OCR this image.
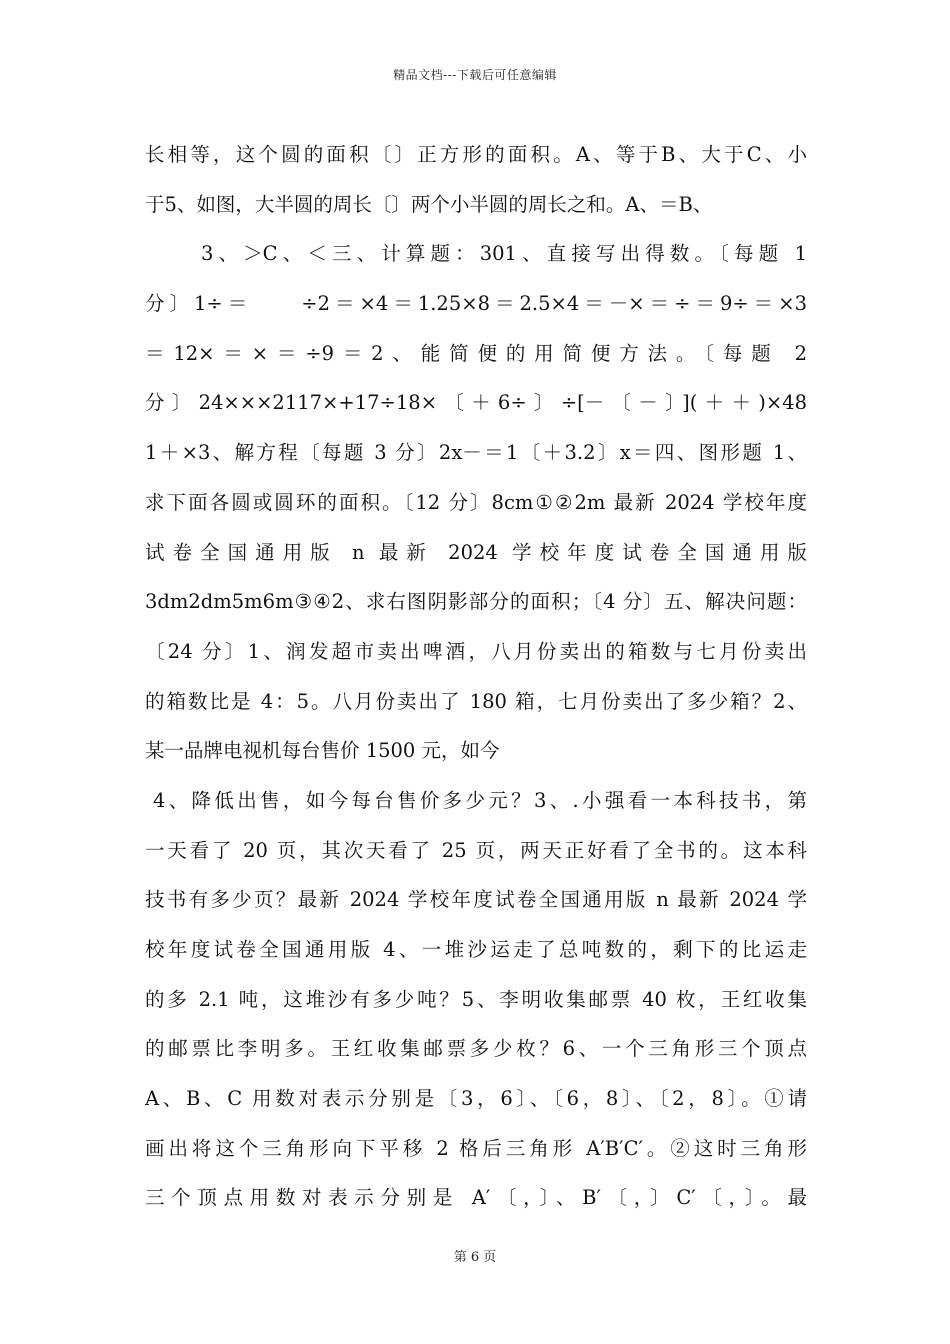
精品文档---下载后可任意编辑
长相等，这个圆的面积〔〕正方形的面积。A、等于B、大于C、小
于5、如图，大半圆的周长〔〕两个小半圆的周长之和。A、＝B、
3、＞C、＜三、计算题：301、直接写出得数。〔每题 1
分〕1÷＝　　÷2＝×4＝1.25×8＝2.5×4＝－×＝÷＝9÷＝×3
＝12×＝×＝÷9＝2、能简便的用简便方法。〔每题 2
分〕24×××2117×+17÷18×〔＋6÷〕÷[－〔－〕](＋＋)×48
1＋×3、解方程〔每题 3 分〕2x－＝1〔＋3.2〕x＝四、图形题 1、
求下面各圆或圆环的面积。〔12 分〕8cm①②2m 最新 2024 学校年度
试卷全国通用版 n 最新 2024 学校年度试卷全国通用版
3dm2dm5m6m③④2、求右图阴影部分的面积；〔4 分〕五、解决问题：
〔24 分〕1、润发超市卖出啤酒，八月份卖出的箱数与七月份卖出
的箱数比是 4：5。八月份卖出了 180 箱，七月份卖出了多少箱？2、
某一品牌电视机每台售价 1500 元，如今
4、降低出售，如今每台售价多少元？3、.小强看一本科技书，第
一天看了 20 页，其次天看了 25 页，两天正好看了全书的。这本科
技书有多少页？最新 2024 学校年度试卷全国通用版 n 最新 2024 学
校年度试卷全国通用版 4、一堆沙运走了总吨数的，剩下的比运走
的多 2.1 吨，这堆沙有多少吨？5、李明收集邮票 40 枚，王红收集
的邮票比李明多。王红收集邮票多少枚？6、一个三角形三个顶点
A、B、C 用数对表示分别是〔3，6〕、〔6，8〕、〔2，8〕。①请
画出将这个三角形向下平移 2 格后三角形 A′B′C′。②这时三角形
三个顶点用数对表示分别是 A′〔，〕、B′〔，〕C′〔，〕。最
第 6 页
